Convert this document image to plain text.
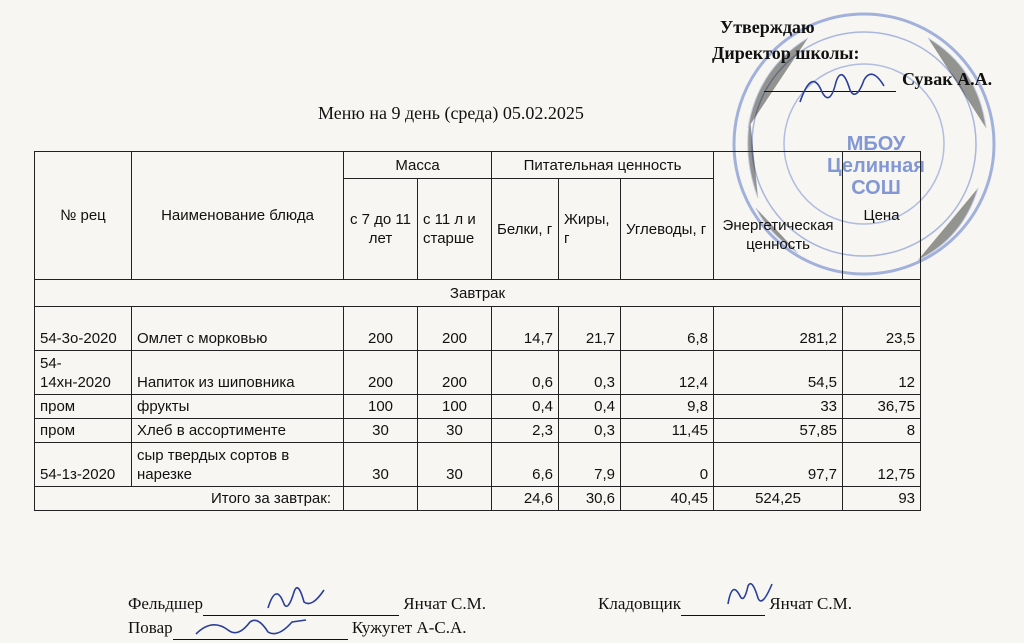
МБОУ
Целинная
СОШ
Утверждаю
Директор школы:
Сувак А.А.
Меню на 9 день (среда) 05.02.2025
№ рец	Наименование блюда	Масса		Питательная ценность			Энергетическая ценность	Цена
		с 7 до 11 лет	с 11 л и старше	Белки, г	Жиры, г	Углеводы, г		
Завтрак								
54-3о-2020	Омлет с морковью	200	200	14,7	21,7	6,8	281,2	23,5
54-14хн-2020	Напиток из шиповника	200	200	0,6	0,3	12,4	54,5	12
пром	фрукты	100	100	0,4	0,4	9,8	33	36,75
пром	Хлеб в ассортименте	30	30	2,3	0,3	11,45	57,85	8
54-1з-2020	сыр твердых сортов в нарезке	30	30	6,6	7,9	0	97,7	12,75
Итого за завтрак:				24,6	30,6	40,45	524,25	93
Фельдшер	Янчат С.М.
Повар	Кужугет А-С.А.
Кладовщик	Янчат С.М.
